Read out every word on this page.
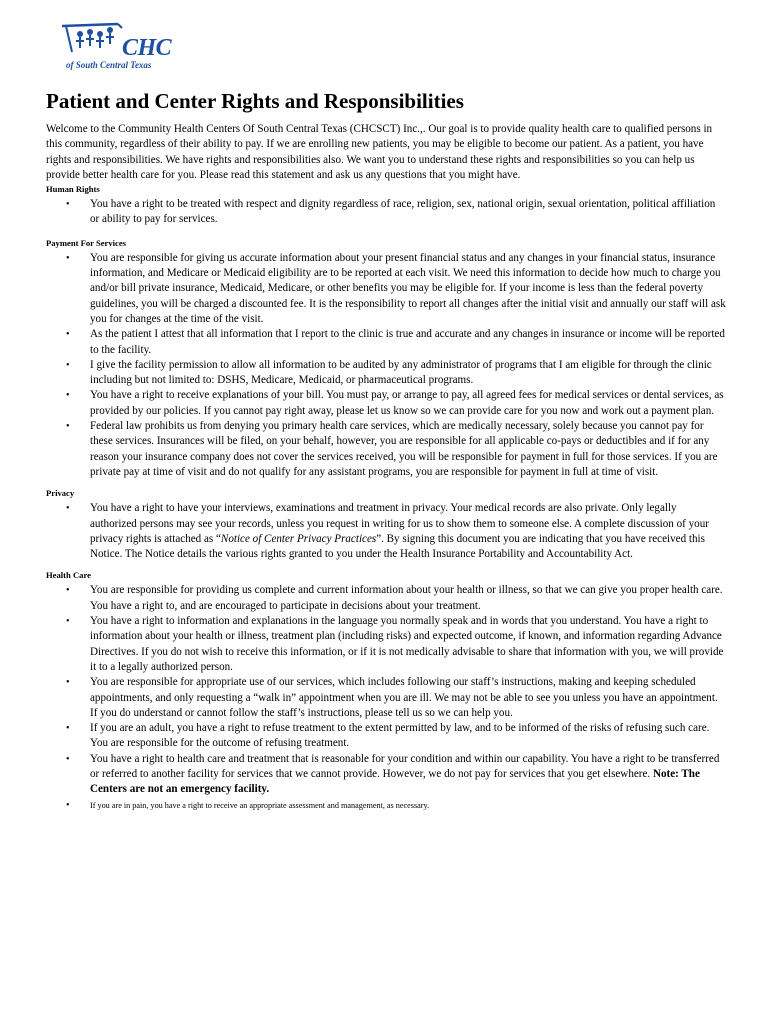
CHC
of South Central Texas
Patient and Center Rights and Responsibilities

Welcome to the Community Health Centers Of South Central Texas (CHCSCT) Inc.,. Our goal is to provide quality health care to qualified persons in this community, regardless of their ability to pay. If we are enrolling new patients, you may be eligible to become our patient. As a patient, you have rights and responsibilities. We have rights and responsibilities also. We want you to understand these rights and responsibilities so you can help us provide better health care for you. Please read this statement and ask us any questions that you might have.

Human Rights
• You have a right to be treated with respect and dignity regardless of race, religion, sex, national origin, sexual orientation, political affiliation or ability to pay for services.
Payment For Services
• You are responsible for giving us accurate information about your present financial status and any changes in your financial status, insurance information, and Medicare or Medicaid eligibility are to be reported at each visit. We need this information to decide how much to charge you and/or bill private insurance, Medicaid, Medicare, or other benefits you may be eligible for. If your income is less than the federal poverty guidelines, you will be charged a discounted fee. It is the responsibility to report all changes after the initial visit and annually our staff will ask you for changes at the time of the visit.
• As the patient I attest that all information that I report to the clinic is true and accurate and any changes in insurance or income will be reported to the facility.
• I give the facility permission to allow all information to be audited by any administrator of programs that I am eligible for through the clinic including but not limited to: DSHS, Medicare, Medicaid, or pharmaceutical programs.
• You have a right to receive explanations of your bill. You must pay, or arrange to pay, all agreed fees for medical services or dental services, as provided by our policies. If you cannot pay right away, please let us know so we can provide care for you now and work out a payment plan.
• Federal law prohibits us from denying you primary health care services, which are medically necessary, solely because you cannot pay for these services. Insurances will be filed, on your behalf, however, you are responsible for all applicable co-pays or deductibles and if for any reason your insurance company does not cover the services received, you will be responsible for payment in full for those services. If you are private pay at time of visit and do not qualify for any assistant programs, you are responsible for payment in full at time of visit.
Privacy
• You have a right to have your interviews, examinations and treatment in privacy. Your medical records are also private. Only legally authorized persons may see your records, unless you request in writing for us to show them to someone else. A complete discussion of your privacy rights is attached as “Notice of Center Privacy Practices”. By signing this document you are indicating that you have received this Notice. The Notice details the various rights granted to you under the Health Insurance Portability and Accountability Act.
Health Care
• You are responsible for providing us complete and current information about your health or illness, so that we can give you proper health care. You have a right to, and are encouraged to participate in decisions about your treatment.
• You have a right to information and explanations in the language you normally speak and in words that you understand. You have a right to information about your health or illness, treatment plan (including risks) and expected outcome, if known, and information regarding Advance Directives. If you do not wish to receive this information, or if it is not medically advisable to share that information with you, we will provide it to a legally authorized person.
• You are responsible for appropriate use of our services, which includes following our staff’s instructions, making and keeping scheduled appointments, and only requesting a “walk in” appointment when you are ill. We may not be able to see you unless you have an appointment. If you do understand or cannot follow the staff’s instructions, please tell us so we can help you.
• If you are an adult, you have a right to refuse treatment to the extent permitted by law, and to be informed of the risks of refusing such care. You are responsible for the outcome of refusing treatment.
• You have a right to health care and treatment that is reasonable for your condition and within our capability. You have a right to be transferred or referred to another facility for services that we cannot provide. However, we do not pay for services that you get elsewhere. Note: The Centers are not an emergency facility.
• If you are in pain, you have a right to receive an appropriate assessment and management, as necessary.
